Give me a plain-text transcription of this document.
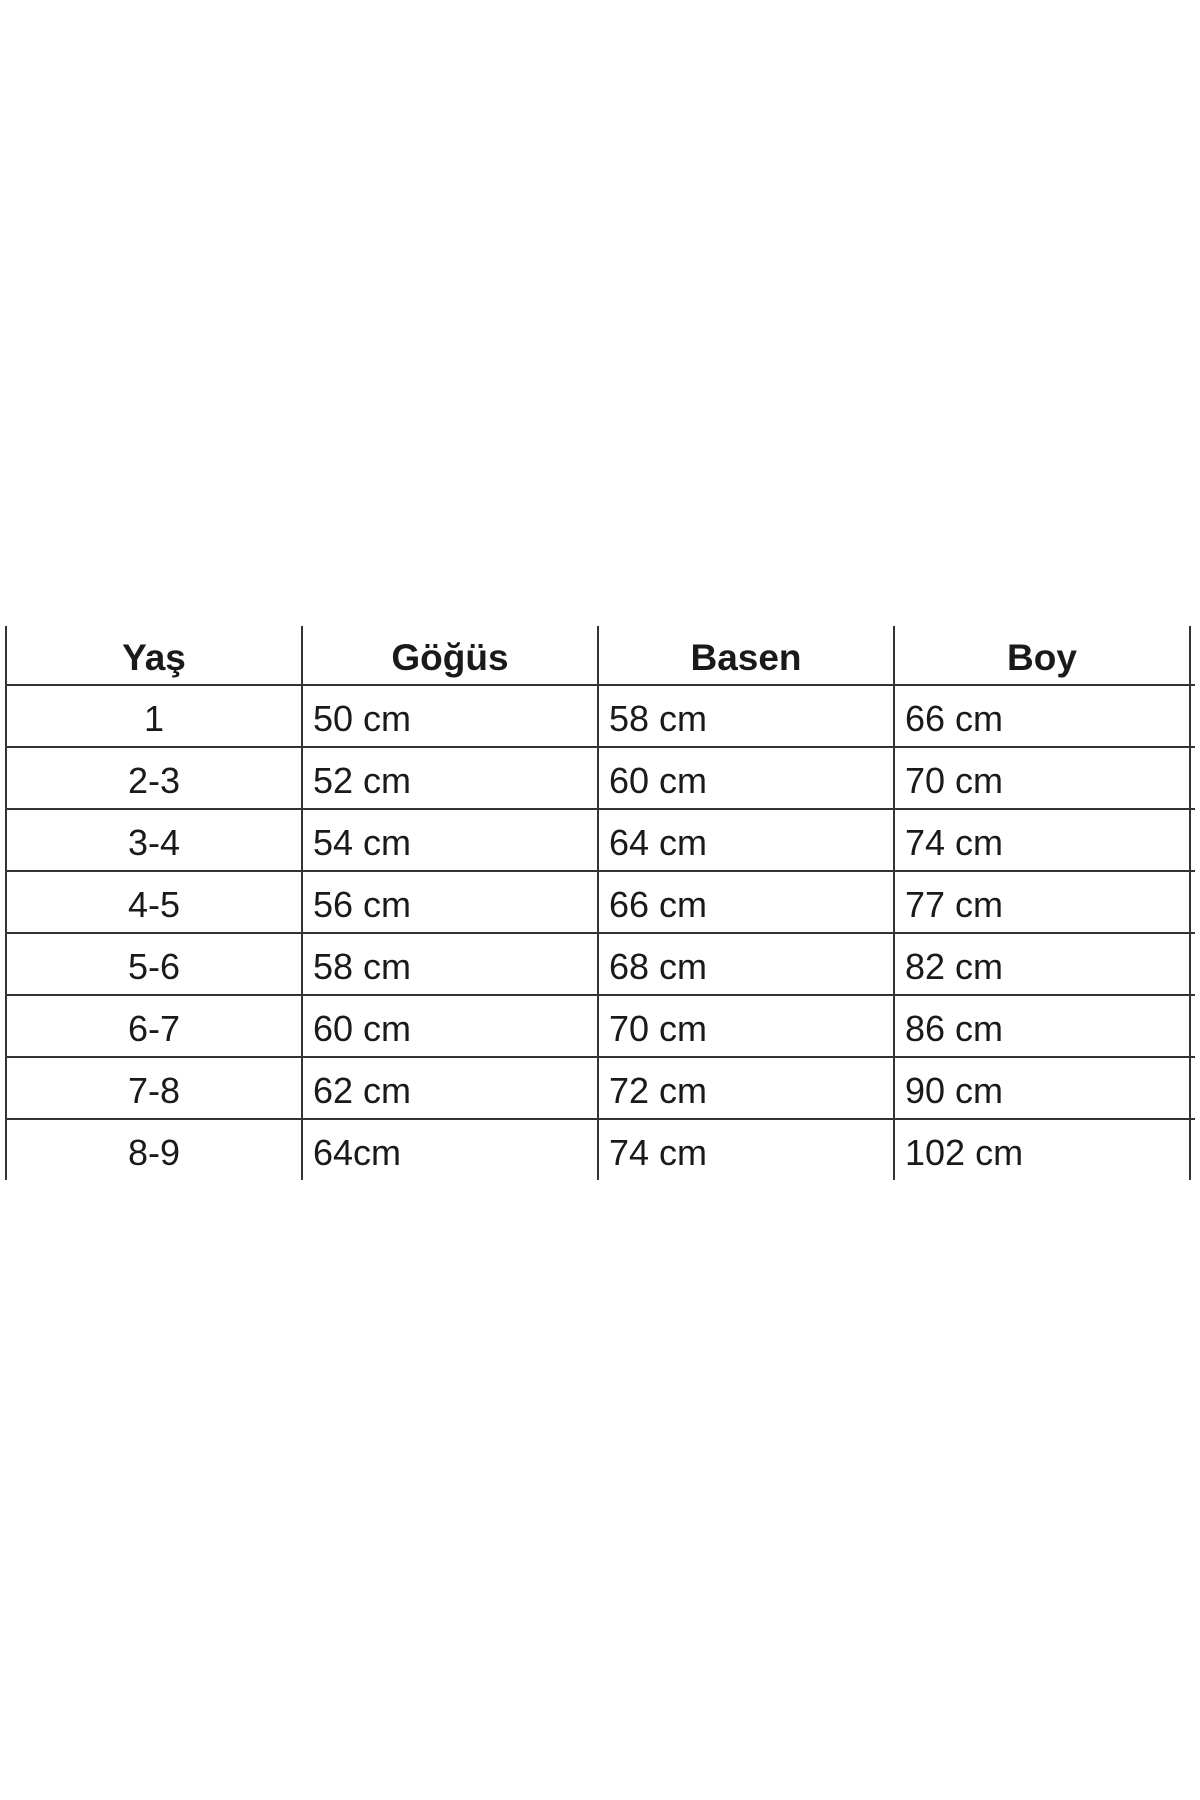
Yaş	Göğüs	Basen	Boy
1	50 cm	58 cm	66 cm
2-3	52 cm	60 cm	70 cm
3-4	54 cm	64 cm	74 cm
4-5	56 cm	66 cm	77 cm
5-6	58 cm	68 cm	82 cm
6-7	60 cm	70 cm	86 cm
7-8	62 cm	72 cm	90 cm
8-9	64cm	74 cm	102 cm
